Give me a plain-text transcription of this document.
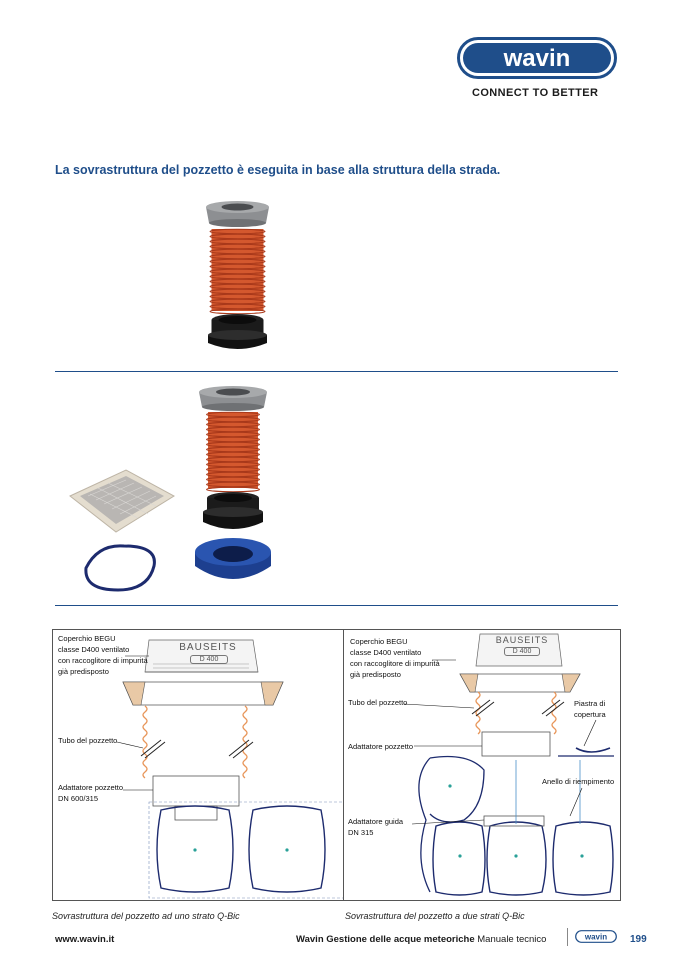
wavin
CONNECT TO BETTER
La sovrastruttura del pozzetto è eseguita in base alla struttura della strada.
BAUSEITS
D 400
Coperchio BEGU
classe D400 ventilato
con raccoglitore di impurità
già predisposto
Tubo del pozzetto
Adattatore pozzetto
DN 600/315
Sovrastruttura del pozzetto ad uno strato Q-Bic
BAUSEITS
D 400
Coperchio BEGU
classe D400 ventilato
con raccoglitore di impurità
già predisposto
Tubo del pozzetto
Adattatore pozzetto
Adattatore guida
DN 315
Piastra di
copertura
Anello di riempimento
Sovrastruttura del pozzetto a due strati Q-Bic
www.wavin.it	Wavin Gestione delle acque meteoriche Manuale tecnico	wavin 199
